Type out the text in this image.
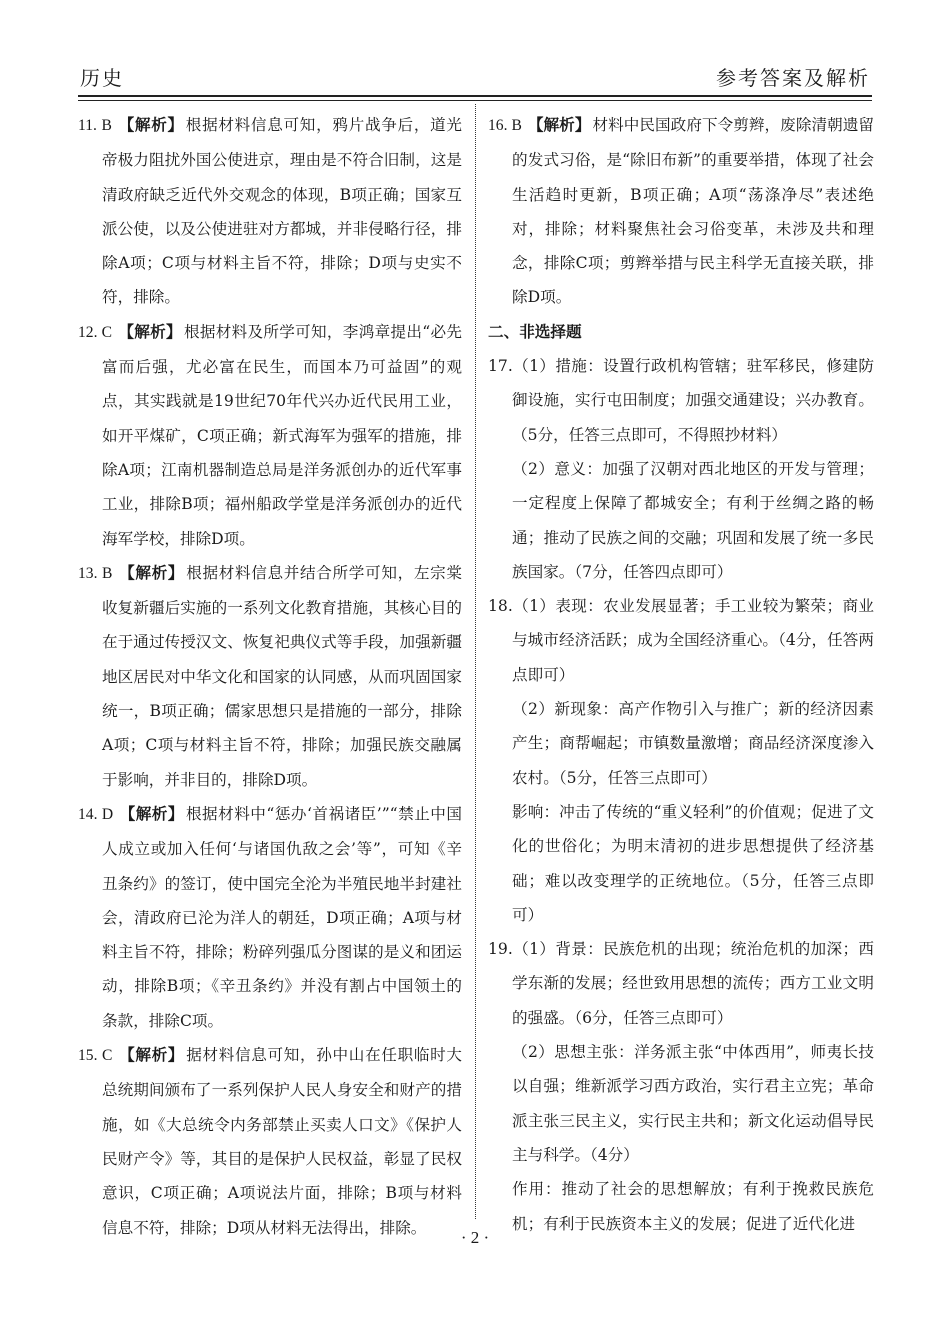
历史	参考答案及解析

11. B 【解析】 根据材料信息可知，鸦片战争后，道光帝极力阻扰外国公使进京，理由是不符合旧制，这是清政府缺乏近代外交观念的体现，B项正确；国家互派公使，以及公使进驻对方都城，并非侵略行径，排除A项；C项与材料主旨不符，排除；D项与史实不符，排除。

12. C 【解析】 根据材料及所学可知，李鸿章提出“必先富而后强，尤必富在民生，而国本乃可益固”的观点，其实践就是19世纪70年代兴办近代民用工业，如开平煤矿，C项正确；新式海军为强军的措施，排除A项；江南机器制造总局是洋务派创办的近代军事工业，排除B项；福州船政学堂是洋务派创办的近代海军学校，排除D项。

13. B 【解析】 根据材料信息并结合所学可知，左宗棠收复新疆后实施的一系列文化教育措施，其核心目的在于通过传授汉文、恢复祀典仪式等手段，加强新疆地区居民对中华文化和国家的认同感，从而巩固国家统一，B项正确；儒家思想只是措施的一部分，排除A项；C项与材料主旨不符，排除；加强民族交融属于影响，并非目的，排除D项。

14. D 【解析】 根据材料中“惩办‘首祸诸臣’”“禁止中国人成立或加入任何‘与诸国仇敌之会’等”，可知《辛丑条约》的签订，使中国完全沦为半殖民地半封建社会，清政府已沦为洋人的朝廷，D项正确；A项与材料主旨不符，排除；粉碎列强瓜分图谋的是义和团运动，排除B项；《辛丑条约》并没有割占中国领土的条款，排除C项。

15. C 【解析】 据材料信息可知，孙中山在任职临时大总统期间颁布了一系列保护人民人身安全和财产的措施，如《大总统令内务部禁止买卖人口文》《保护人民财产令》等，其目的是保护人民权益，彰显了民权意识，C项正确；A项说法片面，排除；B项与材料信息不符，排除；D项从材料无法得出，排除。

16. B 【解析】 材料中民国政府下令剪辫，废除清朝遗留的发式习俗，是“除旧布新”的重要举措，体现了社会生活趋时更新，B项正确；A项“荡涤净尽”表述绝对，排除；材料聚焦社会习俗变革，未涉及共和理念，排除C项；剪辫举措与民主科学无直接关联，排除D项。

二、非选择题

17.（1）措施：设置行政机构管辖；驻军移民，修建防御设施，实行屯田制度；加强交通建设；兴办教育。（5分，任答三点即可，不得照抄材料）

（2）意义：加强了汉朝对西北地区的开发与管理；一定程度上保障了都城安全；有利于丝绸之路的畅通；推动了民族之间的交融；巩固和发展了统一多民族国家。（7分，任答四点即可）

18.（1）表现：农业发展显著；手工业较为繁荣；商业与城市经济活跃；成为全国经济重心。（4分，任答两点即可）

（2）新现象：高产作物引入与推广；新的经济因素产生；商帮崛起；市镇数量激增；商品经济深度渗入农村。（5分，任答三点即可）

影响：冲击了传统的“重义轻利”的价值观；促进了文化的世俗化；为明末清初的进步思想提供了经济基础；难以改变理学的正统地位。（5分，任答三点即可）

19.（1）背景：民族危机的出现；统治危机的加深；西学东渐的发展；经世致用思想的流传；西方工业文明的强盛。（6分，任答三点即可）

（2）思想主张：洋务派主张“中体西用”，师夷长技以自强；维新派学习西方政治，实行君主立宪；革命派主张三民主义，实行民主共和；新文化运动倡导民主与科学。（4分）

作用：推动了社会的思想解放；有利于挽救民族危机；有利于民族资本主义的发展；促进了近代化进

· 2 ·
